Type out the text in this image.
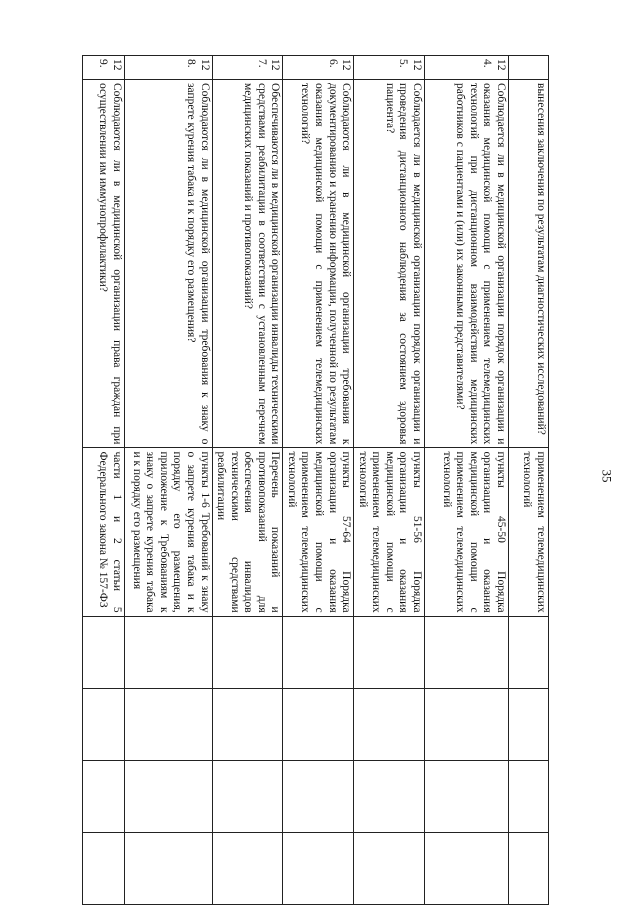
35
	вынесения заключения по результатам диагностических исследований?	применением телемедицинских технологий				
124.	Соблюдается ли в медицинской организации порядок организации и оказания медицинской помощи с применением телемедицинских технологий при дистанционном взаимодействии медицинских работников с пациентами и (или) их законными представителями?	пункты 45-50 Порядка организации и оказания медицинской помощи с применением телемедицинских технологий				
125.	Соблюдается ли в медицинской организации порядок организации и проведения дистанционного наблюдения за состоянием здоровья пациента?	пункты 51-56 Порядка организации и оказания медицинской помощи с применением телемедицинских технологий				
126.	Соблюдаются ли в медицинской организации требования к документированию и хранению информации, полученной по результатам оказания медицинской помощи с применением телемедицинских технологий?	пункты 57-64 Порядка организации и оказания медицинской помощи с применением телемедицинских технологий				
127.	Обеспечиваются ли в медицинской организации инвалиды техническими средствами реабилитации в соответствии с установленным перечнем медицинских показаний и противопоказаний?	Перечень показаний и противопоказаний для обеспечения инвалидов техническими средствами реабилитации				
128.	Соблюдаются ли в медицинской организации требования к знаку о запрете курения табака и к порядку его размещения?	пункты 1-6 Требований к знаку о запрете курения табака и к порядку его размещения, приложение к Требованиям к знаку о запрете курения табака и к порядку его размещения				
129.	Соблюдаются ли в медицинской организации права граждан при осуществлении им иммунопрофилактики?	части 1 и 2 статьи 5 Федерального закона № 157-ФЗ				
